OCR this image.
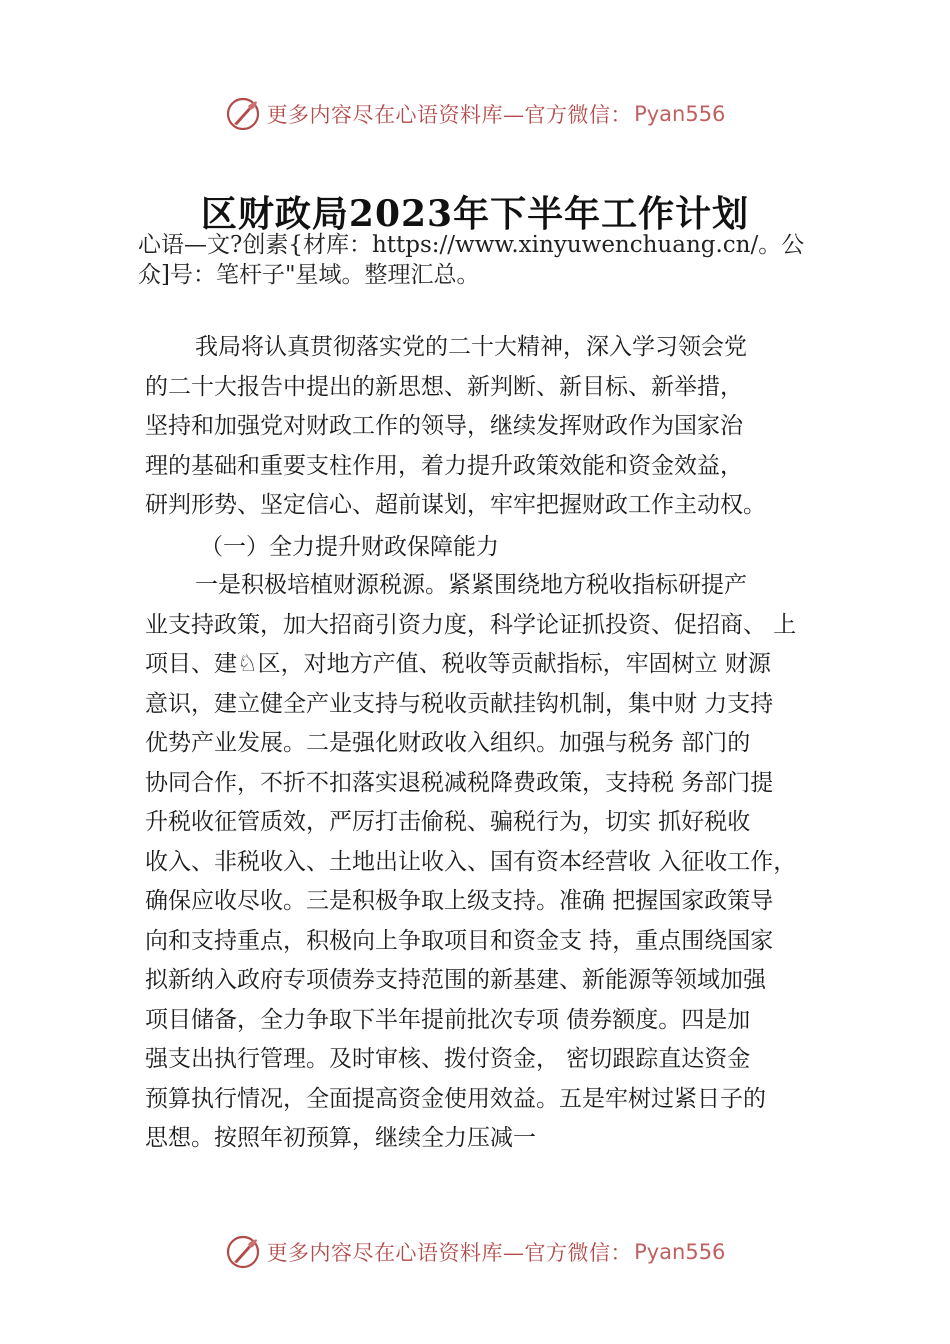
更多内容尽在心语资料库—官方微信： Pyan556
区财政局2023年下半年工作计划
心语—文?创素{材库：https://www.xinyuwenchuang.cn/。公众]号：笔杆子"星域。整理汇总。
我局将认真贯彻落实党的二十大精神，深入学习领会党
的二十大报告中提出的新思想、新判断、新目标、新举措，
坚持和加强党对财政工作的领导，继续发挥财政作为国家治
理的基础和重要支柱作用，着力提升政策效能和资金效益，
研判形势、坚定信心、超前谋划，牢牢把握财政工作主动权。
（一）全力提升财政保障能力
一是积极培植财源税源。紧紧围绕地方税收指标研提产
业支持政策，加大招商引资力度，科学论证抓投资、促招商、 上
项目、建♘区，对地方产值、税收等贡献指标，牢固树立 财源
意识，建立健全产业支持与税收贡献挂钩机制，集中财 力支持
优势产业发展。二是强化财政收入组织。加强与税务 部门的
协同合作，不折不扣落实退税减税降费政策，支持税 务部门提
升税收征管质效，严厉打击偷税、骗税行为，切实 抓好税收
收入、非税收入、土地出让收入、国有资本经营收 入征收工作，
确保应收尽收。三是积极争取上级支持。准确 把握国家政策导
向和支持重点，积极向上争取项目和资金支 持，重点围绕国家
拟新纳入政府专项债券支持范围的新基建、新能源等领域加强
项目储备，全力争取下半年提前批次专项 债券额度。四是加
强支出执行管理。及时审核、拨付资金， 密切跟踪直达资金
预算执行情况，全面提高资金使用效益。五是牢树过紧日子的
思想。按照年初预算，继续全力压减一
更多内容尽在心语资料库—官方微信： Pyan556
